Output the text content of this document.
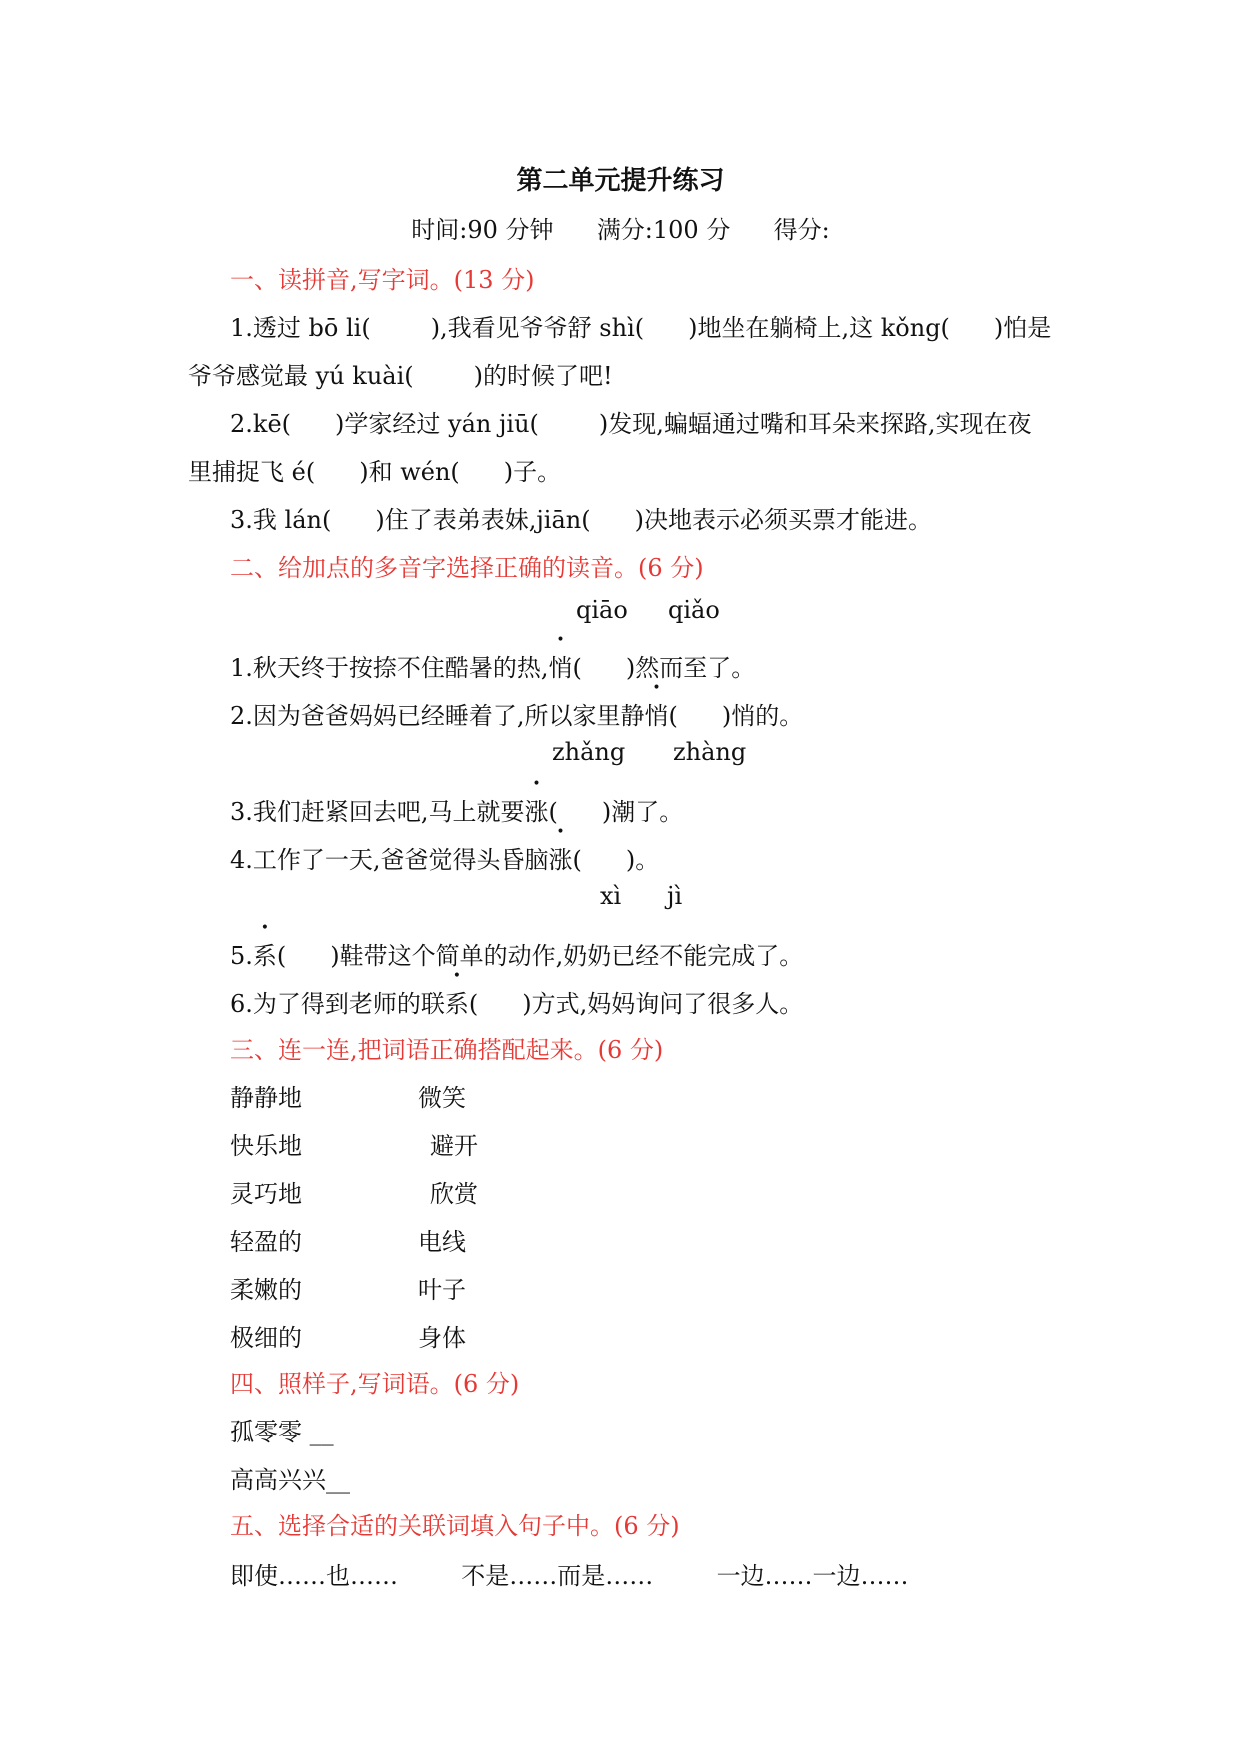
第二单元提升练习
时间:90 分钟 满分:100 分 得分:
一、读拼音,写字词。(13 分)
1.透过 bō li(	),我看见爷爷舒 shì( )地坐在躺椅上,这 kǒng( )怕是
爷爷感觉最 yú kuài(	)的时候了吧!
2.kē( )学家经过 yán jiū(	)发现,蝙蝠通过嘴和耳朵来探路,实现在夜
里捕捉飞 é( )和 wén( )子。
3.我 lán( )住了表弟表妹,jiān( )决地表示必须买票才能进。
二、给加点的多音字选择正确的读音。(6 分)
qiāo qiǎo
1.秋天终于按捺不住酷暑的热,悄( )然而至了。
2.因为爸爸妈妈已经睡着了,所以家里静悄( )悄的。
zhǎng zhàng
3.我们赶紧回去吧,马上就要涨( )潮了。
4.工作了一天,爸爸觉得头昏脑涨( )。
xì jì
5.系( )鞋带这个简单的动作,奶奶已经不能完成了。
6.为了得到老师的联系( )方式,妈妈询问了很多人。
三、连一连,把词语正确搭配起来。(6 分)
静静地	微笑
快乐地	避开
灵巧地	欣赏
轻盈的	电线
柔嫩的	叶子
极细的	身体
四、照样子,写词语。(6 分)
孤零零 __
高高兴兴__
五、选择合适的关联词填入句子中。(6 分)
即使……也……	不是……而是……	一边……一边……
